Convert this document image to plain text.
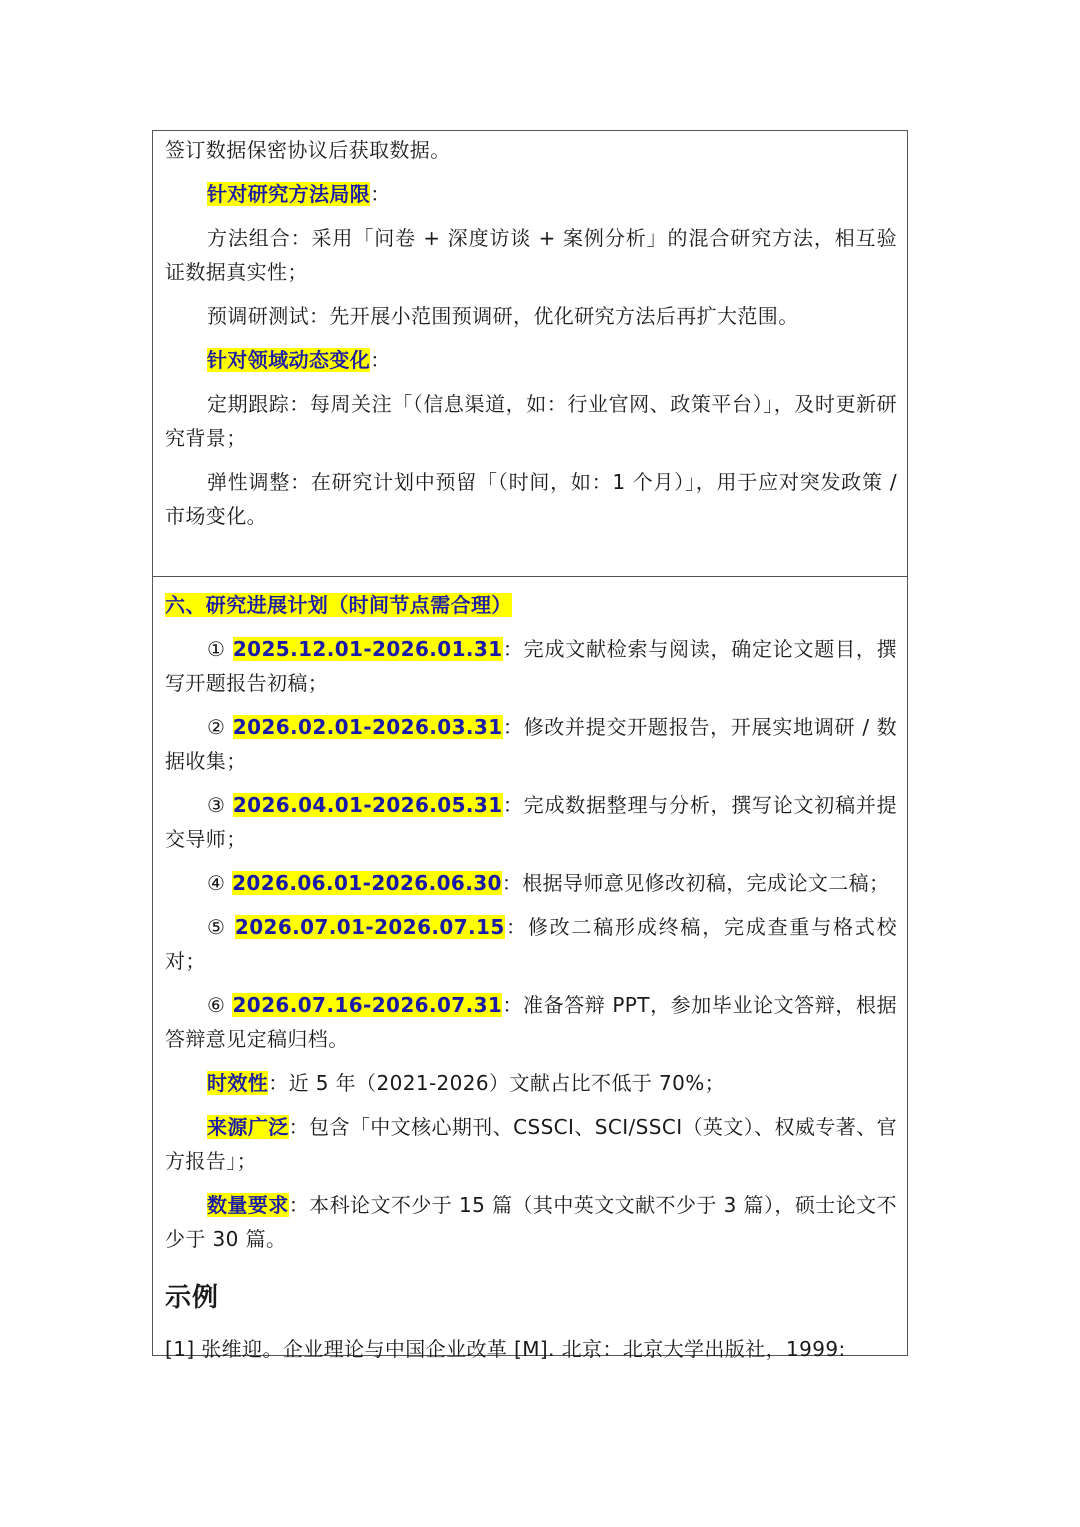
签订数据保密协议后获取数据。

针对研究方法局限：

方法组合：采用「问卷 + 深度访谈 + 案例分析」的混合研究方法，相互验证数据真实性；

预调研测试：先开展小范围预调研，优化研究方法后再扩大范围。

针对领域动态变化：

定期跟踪：每周关注「（信息渠道，如：行业官网、政策平台）」，及时更新研究背景；

弹性调整：在研究计划中预留「（时间，如：1 个月）」，用于应对突发政策 / 市场变化。

六、研究进展计划（时间节点需合理）

① 2025.12.01-2026.01.31：完成文献检索与阅读，确定论文题目，撰写开题报告初稿；

② 2026.02.01-2026.03.31：修改并提交开题报告，开展实地调研 / 数据收集；

③ 2026.04.01-2026.05.31：完成数据整理与分析，撰写论文初稿并提交导师；

④ 2026.06.01-2026.06.30：根据导师意见修改初稿，完成论文二稿；

⑤ 2026.07.01-2026.07.15：修改二稿形成终稿，完成查重与格式校对；

⑥ 2026.07.16-2026.07.31：准备答辩 PPT，参加毕业论文答辩，根据答辩意见定稿归档。

时效性：近 5 年（2021-2026）文献占比不低于 70%；

来源广泛：包含「中文核心期刊、CSSCI、SCI/SSCI（英文）、权威专著、官方报告」；

数量要求：本科论文不少于 15 篇（其中英文文献不少于 3 篇），硕士论文不少于 30 篇。

示例

[1] 张维迎。企业理论与中国企业改革 [M]. 北京：北京大学出版社，1999:
